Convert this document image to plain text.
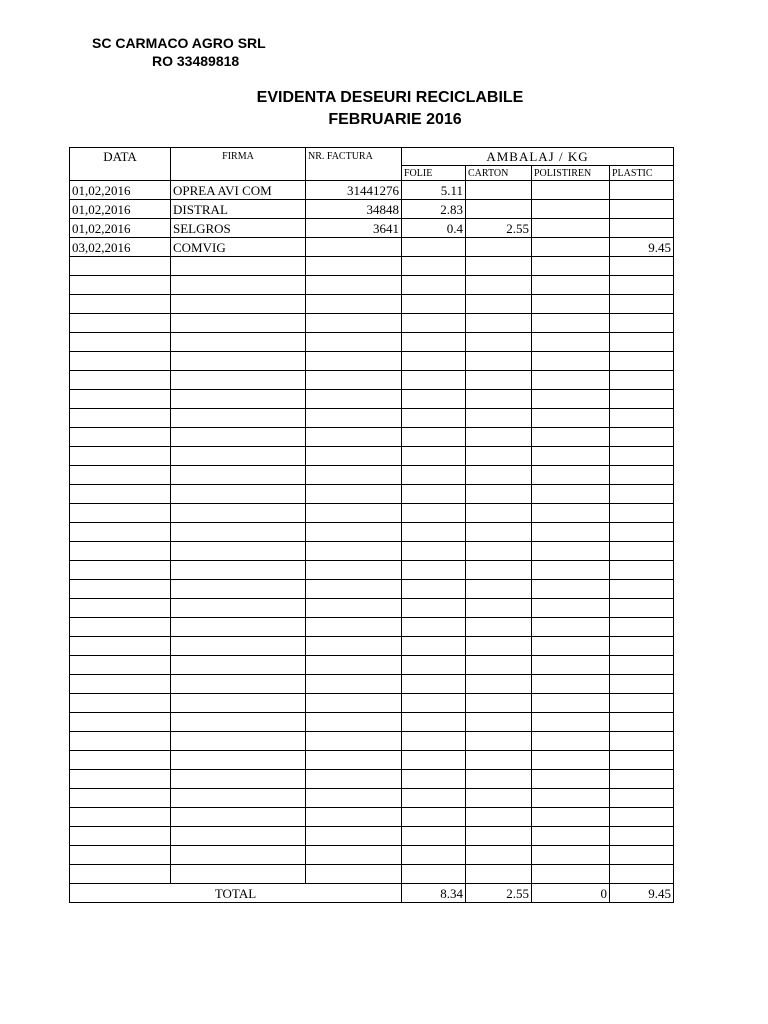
SC CARMACO AGRO SRL
RO 33489818
EVIDENTA DESEURI RECICLABILE
FEBRUARIE 2016
DATA	FIRMA	NR. FACTURA	AMBALAJ / KG			
			FOLIE	CARTON	POLISTIREN	PLASTIC
01,02,2016	OPREA AVI COM	31441276	5.11			
01,02,2016	DISTRAL	34848	2.83			
01,02,2016	SELGROS	3641	0.4	2.55		
03,02,2016	COMVIG					9.45

TOTAL			8.34	2.55	0	9.45
